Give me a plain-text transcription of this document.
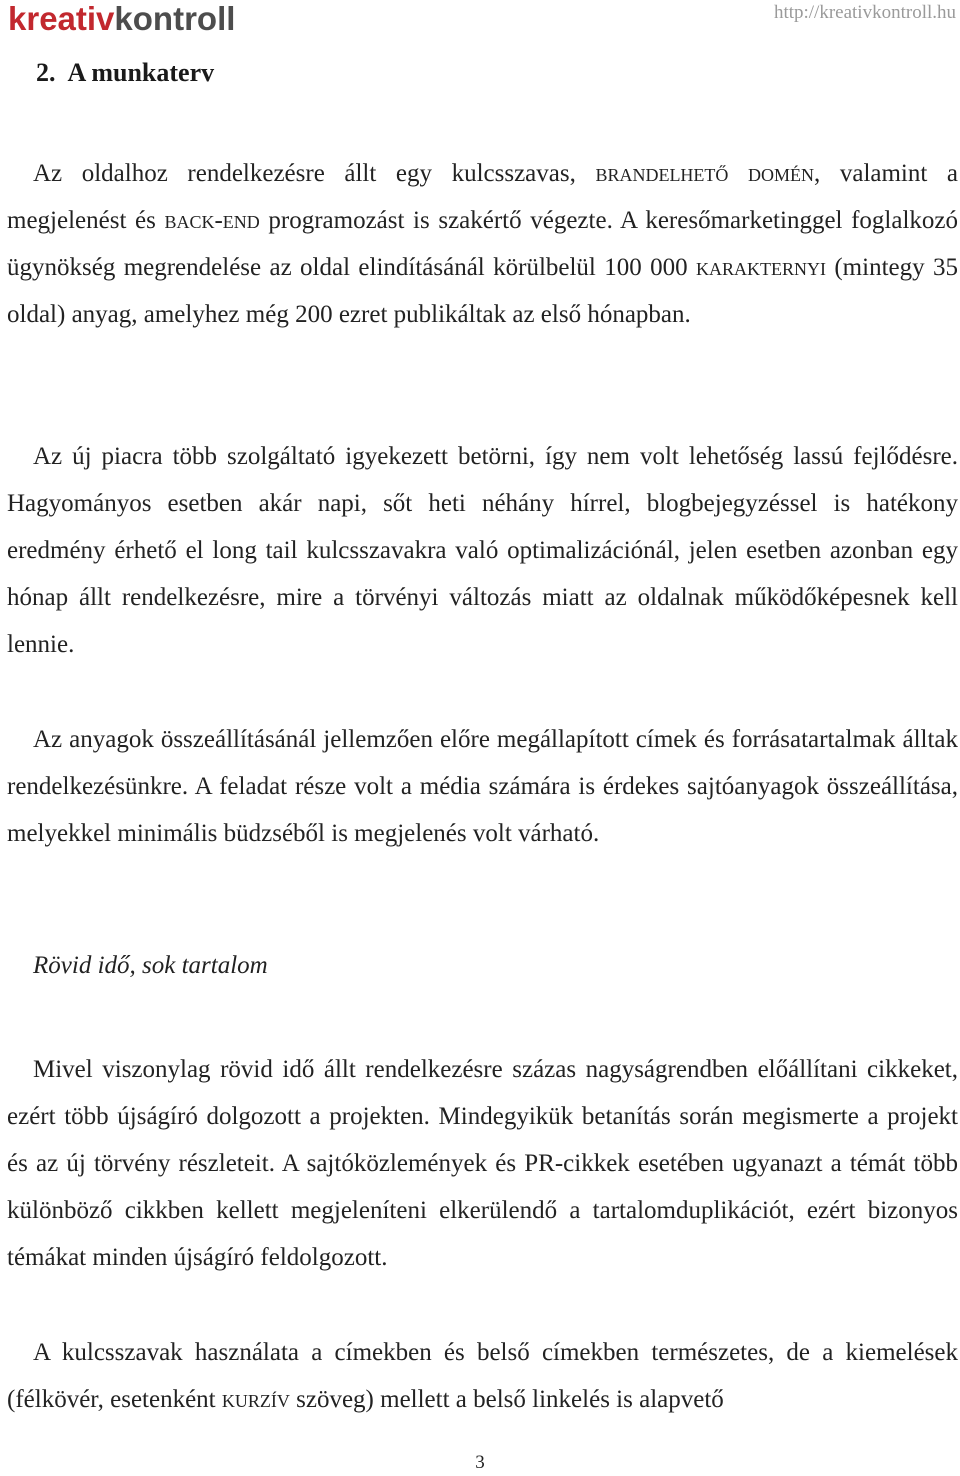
kreativkontroll	http://kreativkontroll.hu
2. A munkaterv

Az oldalhoz rendelkezésre állt egy kulcsszavas, brandelhető domén, valamint a megjelenést és back-end programozást is szakértő végezte. A keresőmarketinggel foglalkozó ügynökség megrendelése az oldal elindításánál körülbelül 100 000 karakternyi (mintegy 35 oldal) anyag, amelyhez még 200 ezret publikáltak az első hónapban.

Az új piacra több szolgáltató igyekezett betörni, így nem volt lehetőség lassú fejlődésre. Hagyományos esetben akár napi, sőt heti néhány hírrel, blogbejegyzéssel is hatékony eredmény érhető el long tail kulcsszavakra való optimalizációnál, jelen esetben azonban egy hónap állt rendelkezésre, mire a törvényi változás miatt az oldalnak működőképesnek kell lennie.

Az anyagok összeállításánál jellemzően előre megállapított címek és forrásatartalmak álltak rendelkezésünkre. A feladat része volt a média számára is érdekes sajtóanyagok összeállítása, melyekkel minimális büdzséből is megjelenés volt várható.

Rövid idő, sok tartalom

Mivel viszonylag rövid idő állt rendelkezésre százas nagyságrendben előállítani cikkeket, ezért több újságíró dolgozott a projekten. Mindegyikük betanítás során megismerte a projekt és az új törvény részleteit. A sajtóközlemények és PR-cikkek esetében ugyanazt a témát több különböző cikkben kellett megjeleníteni elkerülendő a tartalomduplikációt, ezért bizonyos témákat minden újságíró feldolgozott.

A kulcsszavak használata a címekben és belső címekben természetes, de a kiemelések (félkövér, esetenként kurzív szöveg) mellett a belső linkelés is alapvető

3
